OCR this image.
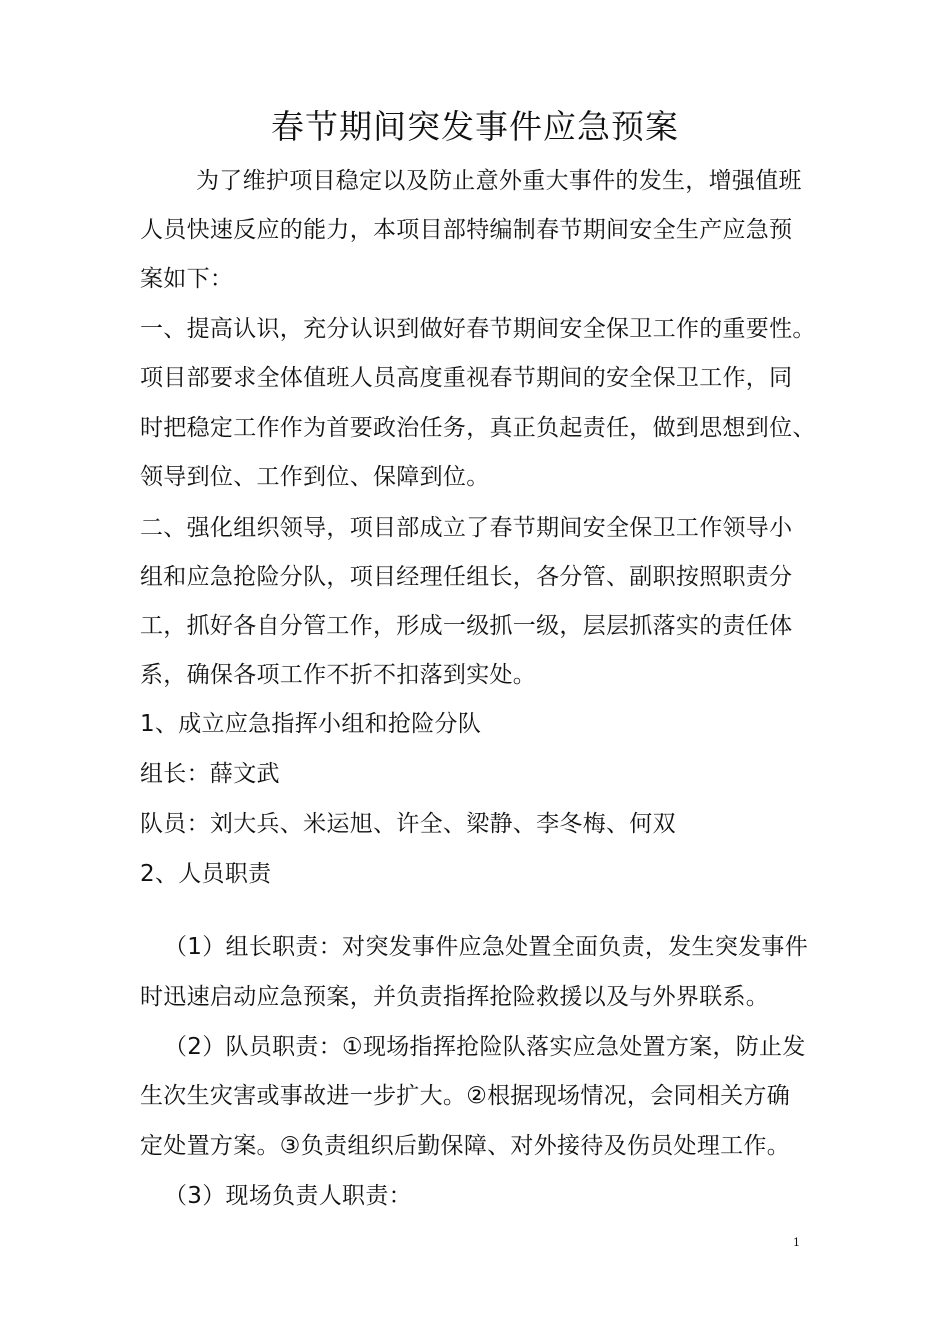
春节期间突发事件应急预案
为了维护项目稳定以及防止意外重大事件的发生，增强值班
人员快速反应的能力，本项目部特编制春节期间安全生产应急预
案如下：
一、提高认识，充分认识到做好春节期间安全保卫工作的重要性。
项目部要求全体值班人员高度重视春节期间的安全保卫工作，同
时把稳定工作作为首要政治任务，真正负起责任，做到思想到位、
领导到位、工作到位、保障到位。
二、强化组织领导，项目部成立了春节期间安全保卫工作领导小
组和应急抢险分队，项目经理任组长，各分管、副职按照职责分
工，抓好各自分管工作，形成一级抓一级，层层抓落实的责任体
系，确保各项工作不折不扣落到实处。
1、成立应急指挥小组和抢险分队
组长：薛文武
队员：刘大兵、米运旭、许全、梁静、李冬梅、何双
2、人员职责
（1）组长职责：对突发事件应急处置全面负责，发生突发事件
时迅速启动应急预案，并负责指挥抢险救援以及与外界联系。
（2）队员职责：①现场指挥抢险队落实应急处置方案，防止发
生次生灾害或事故进一步扩大。②根据现场情况，会同相关方确
定处置方案。③负责组织后勤保障、对外接待及伤员处理工作。
（3）现场负责人职责：
1
